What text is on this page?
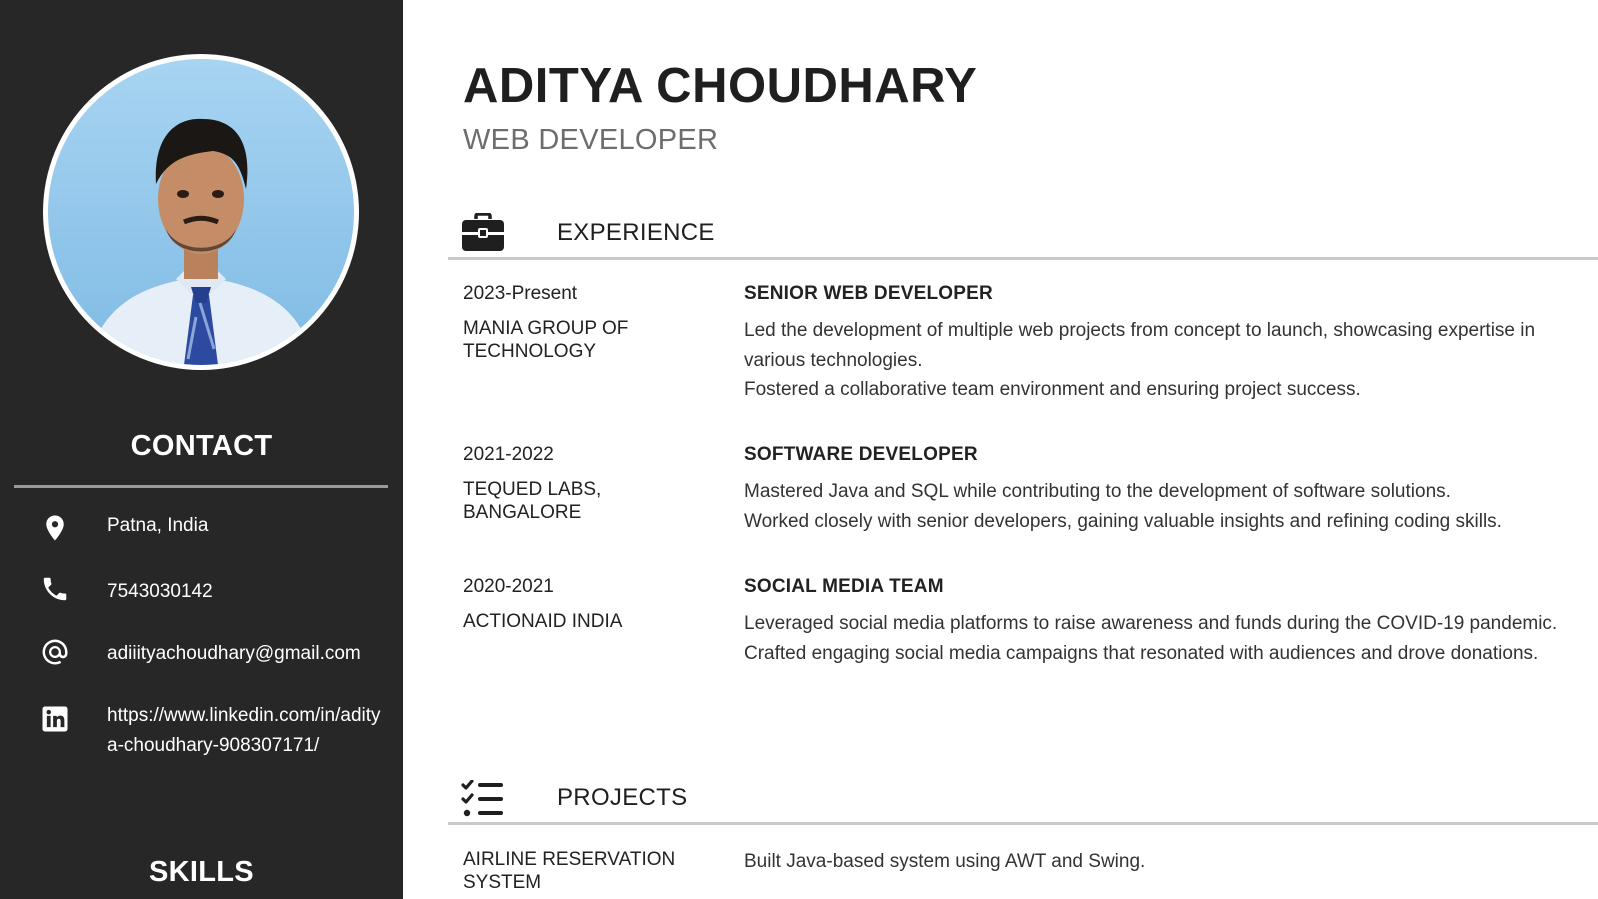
CONTACT
Patna, India
7543030142
adiiityachoudhary@gmail.com
https://www.linkedin.com/in/aditya-choudhary-908307171/
SKILLS
ADITYA CHOUDHARY
WEB DEVELOPER
EXPERIENCE
2023-Present
MANIA GROUP OF TECHNOLOGY
SENIOR WEB DEVELOPER

Led the development of multiple web projects from concept to launch, showcasing expertise in various technologies.

Fostered a collaborative team environment and ensuring project success.

2021-2022
TEQUED LABS, BANGALORE
SOFTWARE DEVELOPER

Mastered Java and SQL while contributing to the development of software solutions.

Worked closely with senior developers, gaining valuable insights and refining coding skills.

2020-2021
ACTIONAID INDIA
SOCIAL MEDIA TEAM

Leveraged social media platforms to raise awareness and funds during the COVID-19 pandemic.

Crafted engaging social media campaigns that resonated with audiences and drove donations.

PROJECTS
AIRLINE RESERVATION SYSTEM
Built Java-based system using AWT and Swing.
